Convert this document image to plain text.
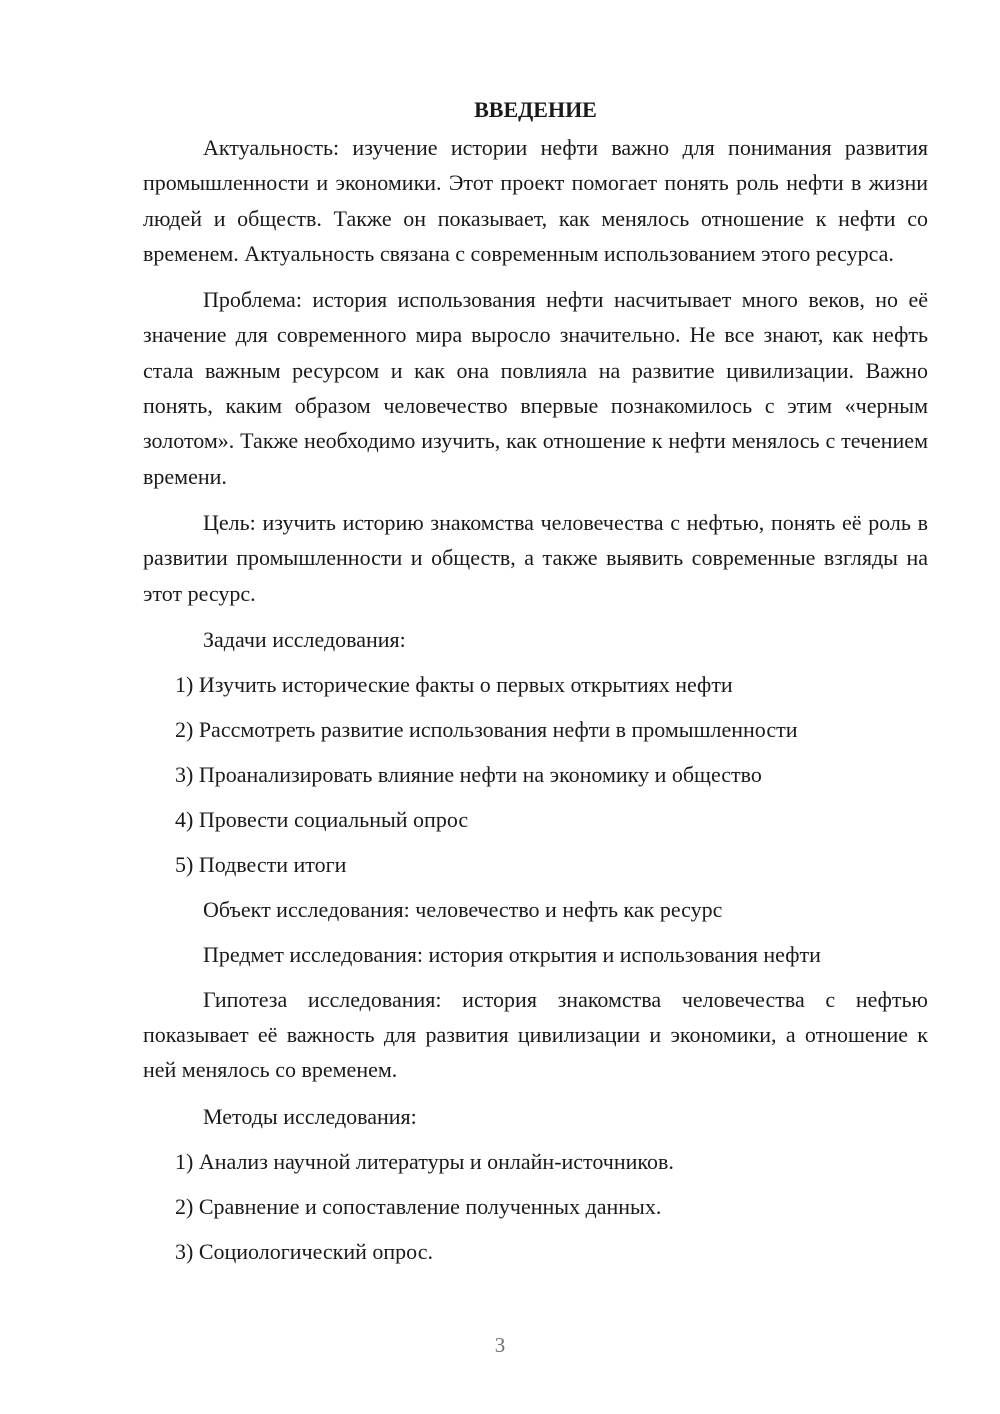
ВВЕДЕНИЕ

Актуальность: изучение истории нефти важно для понимания развития промышленности и экономики. Этот проект помогает понять роль нефти в жизни людей и обществ. Также он показывает, как менялось отношение к нефти со временем. Актуальность связана с современным использованием этого ресурса.

Проблема: история использования нефти насчитывает много веков, но её значение для современного мира выросло значительно. Не все знают, как нефть стала важным ресурсом и как она повлияла на развитие цивилизации. Важно понять, каким образом человечество впервые познакомилось с этим «черным золотом». Также необходимо изучить, как отношение к нефти менялось с течением времени.

Цель: изучить историю знакомства человечества с нефтью, понять её роль в развитии промышленности и обществ, а также выявить современные взгляды на этот ресурс.

Задачи исследования:
1) Изучить исторические факты о первых открытиях нефти
2) Рассмотреть развитие использования нефти в промышленности
3) Проанализировать влияние нефти на экономику и общество
4) Провести социальный опрос
5) Подвести итоги
Объект исследования: человечество и нефть как ресурс
Предмет исследования: история открытия и использования нефти

Гипотеза исследования: история знакомства человечества с нефтью показывает её важность для развития цивилизации и экономики, а отношение к ней менялось со временем.

Методы исследования:
1) Анализ научной литературы и онлайн-источников.
2) Сравнение и сопоставление полученных данных.
3) Социологический опрос.
3
